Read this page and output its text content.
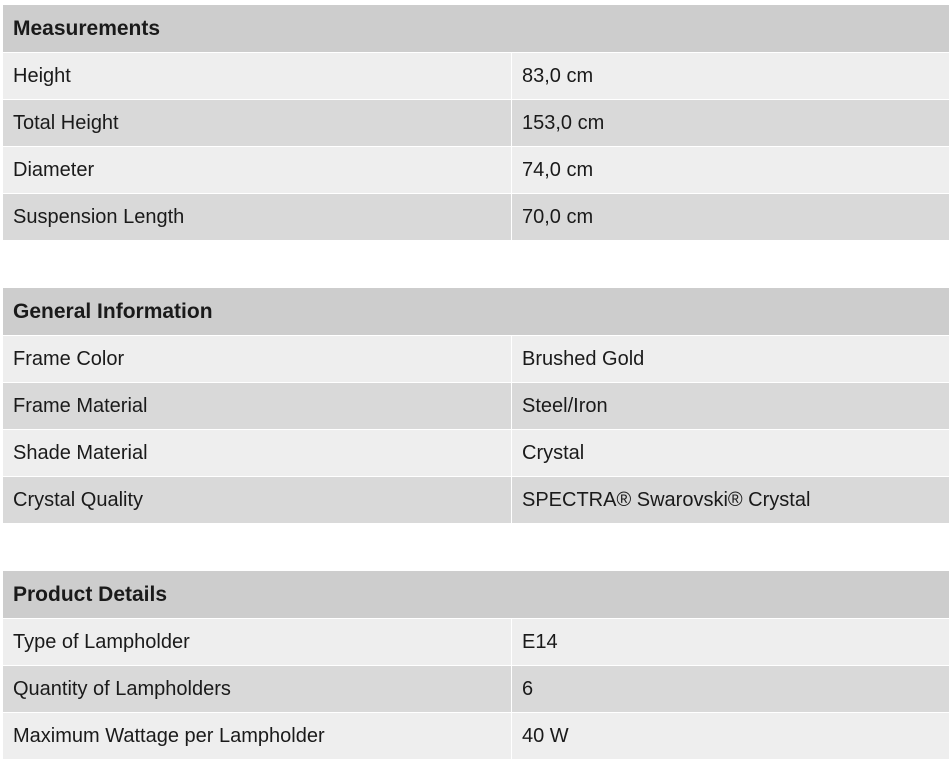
Measurements
Height	83,0 cm
Total Height	153,0 cm
Diameter	74,0 cm
Suspension Length	70,0 cm
General Information
Frame Color	Brushed Gold
Frame Material	Steel/Iron
Shade Material	Crystal
Crystal Quality	SPECTRA® Swarovski® Crystal
Product Details
Type of Lampholder	E14
Quantity of Lampholders	6
Maximum Wattage per Lampholder	40 W
